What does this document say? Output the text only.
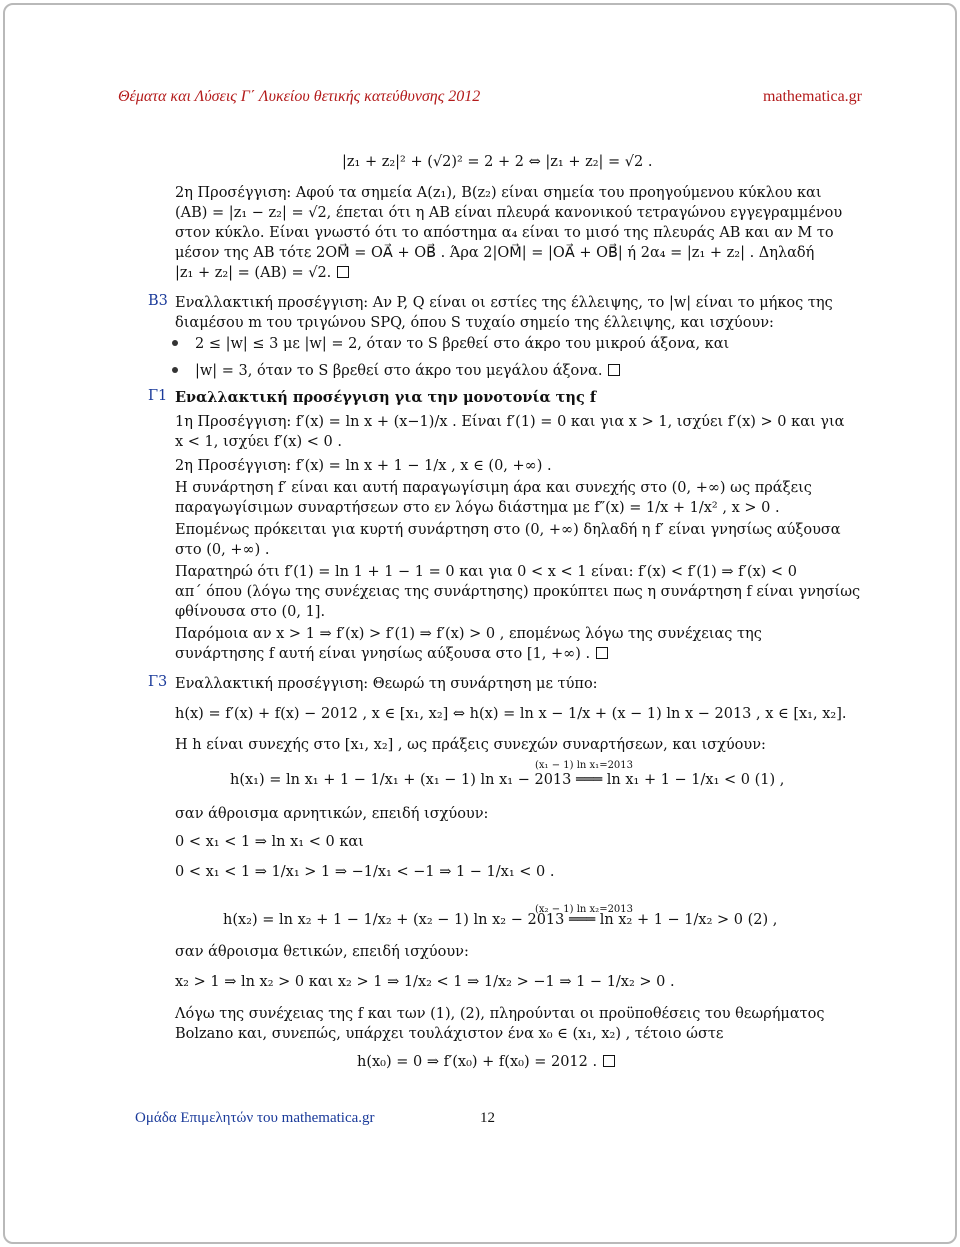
Θέματα και Λύσεις Γ΄ Λυκείου θετικής κατεύθυνσης 2012	mathematica.gr
|z₁ + z₂|² + (√2)² = 2 + 2 ⇔ |z₁ + z₂| = √2 .
2η Προσέγγιση: Αφού τα σημεία A(z₁), B(z₂) είναι σημεία του προηγούμενου κύκλου και
(AB) = |z₁ − z₂| = √2, έπεται ότι η AB είναι πλευρά κανονικού τετραγώνου εγγεγραμμένου
στον κύκλο. Είναι γνωστό ότι το απόστημα α₄ είναι το μισό της πλευράς AB και αν M το
μέσον της AB τότε 2OM⃗ = OA⃗ + OB⃗ . Άρα 2|OM⃗| = |OA⃗ + OB⃗| ή 2α₄ = |z₁ + z₂| . Δηλαδή
|z₁ + z₂| = (AB) = √2.
Β3 Εναλλακτική προσέγγιση: Αν P, Q είναι οι εστίες της έλλειψης, το |w| είναι το μήκος της
διαμέσου m του τριγώνου SPQ, όπου S τυχαίο σημείο της έλλειψης, και ισχύουν:
2 ≤ |w| ≤ 3 με |w| = 2, όταν το S βρεθεί στο άκρο του μικρού άξονα, και
|w| = 3, όταν το S βρεθεί στο άκρο του μεγάλου άξονα.
Γ1 Εναλλακτική προσέγγιση για την μονοτονία της f
1η Προσέγγιση: f′(x) = ln x + (x−1)/x . Είναι f′(1) = 0 και για x > 1, ισχύει f′(x) > 0 και για
x < 1, ισχύει f′(x) < 0 .
2η Προσέγγιση: f′(x) = ln x + 1 − 1/x , x ∈ (0, +∞) .
Η συνάρτηση f′ είναι και αυτή παραγωγίσιμη άρα και συνεχής στο (0, +∞) ως πράξεις
παραγωγίσιμων συναρτήσεων στο εν λόγω διάστημα με f″(x) = 1/x + 1/x² , x > 0 .
Επομένως πρόκειται για κυρτή συνάρτηση στο (0, +∞) δηλαδή η f′ είναι γνησίως αύξουσα
στο (0, +∞) .
Παρατηρώ ότι f′(1) = ln 1 + 1 − 1 = 0 και για 0 < x < 1 είναι: f′(x) < f′(1) ⇒ f′(x) < 0
απ΄ όπου (λόγω της συνέχειας της συνάρτησης) προκύπτει πως η συνάρτηση f είναι γνησίως
φθίνουσα στο (0, 1].
Παρόμοια αν x > 1 ⇒ f′(x) > f′(1) ⇒ f′(x) > 0 , επομένως λόγω της συνέχειας της
συνάρτησης f αυτή είναι γνησίως αύξουσα στο [1, +∞) .
Γ3 Εναλλακτική προσέγγιση: Θεωρώ τη συνάρτηση με τύπο:
h(x) = f′(x) + f(x) − 2012 , x ∈ [x₁, x₂] ⇔ h(x) = ln x − 1/x + (x − 1) ln x − 2013 , x ∈ [x₁, x₂].
Η h είναι συνεχής στο [x₁, x₂] , ως πράξεις συνεχών συναρτήσεων, και ισχύουν:
(x₁ − 1) ln x₁=2013
h(x₁) = ln x₁ + 1 − 1/x₁ + (x₁ − 1) ln x₁ − 2013 ═══ ln x₁ + 1 − 1/x₁ < 0 (1) ,
σαν άθροισμα αρνητικών, επειδή ισχύουν:
0 < x₁ < 1 ⇒ ln x₁ < 0 και
0 < x₁ < 1 ⇒ 1/x₁ > 1 ⇒ −1/x₁ < −1 ⇒ 1 − 1/x₁ < 0 .
(x₂ − 1) ln x₂=2013
h(x₂) = ln x₂ + 1 − 1/x₂ + (x₂ − 1) ln x₂ − 2013 ═══ ln x₂ + 1 − 1/x₂ > 0 (2) ,
σαν άθροισμα θετικών, επειδή ισχύουν:
x₂ > 1 ⇒ ln x₂ > 0 και x₂ > 1 ⇒ 1/x₂ < 1 ⇒ 1/x₂ > −1 ⇒ 1 − 1/x₂ > 0 .
Λόγω της συνέχειας της f και των (1), (2), πληρούνται οι προϋποθέσεις του θεωρήματος
Bolzano και, συνεπώς, υπάρχει τουλάχιστον ένα x₀ ∈ (x₁, x₂) , τέτοιο ώστε
h(x₀) = 0 ⇒ f′(x₀) + f(x₀) = 2012 .
Ομάδα Επιμελητών του mathematica.gr	12
